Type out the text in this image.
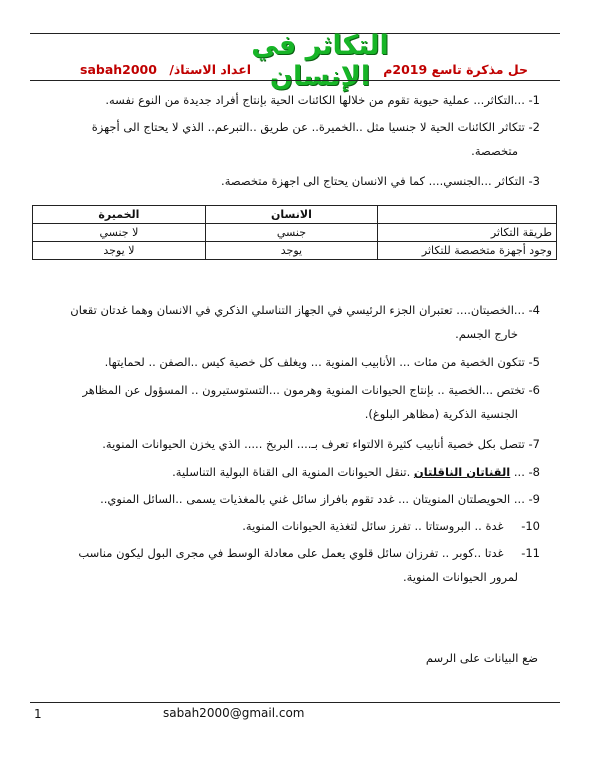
التكاثر في الإنسان	حل مذكرة تاسع 2019م
sabah2000 اعداد الاستاذ/
1- ...التكاثر... عملية حيوية تقوم من خلالها الكائنات الحية بإنتاج أفراد جديدة من النوع نفسه.
2- تتكاثر الكائنات الحية لا جنسيا مثل ..الخميرة.. عن طريق ..التبرعم.. الذي لا يحتاج الى أجهزة
متخصصة.
3- التكاثر ...الجنسي.... كما في الانسان يحتاج الى اجهزة متخصصة.
	الانسان	الخميرة
طريقة التكاثر	جنسي	لا جنسي
وجود أجهزة متخصصة للتكاثر	يوجد	لا يوجد
4- ...الخصيتان.... تعتبران الجزء الرئيسي في الجهاز التناسلي الذكري في الانسان وهما غدتان تقعان
خارج الجسم.
5- تتكون الخصية من مئات ... الأنابيب المنوية ... ويغلف كل خصية كيس ..الصفن .. لحمايتها.
6- تختص ...الخصية .. بإنتاج الحيوانات المنوية وهرمون ...التستوستيرون .. المسؤول عن المظاهر
الجنسية الذكرية (مظاهر البلوغ).
7- تتصل بكل خصية أنابيب كثيرة الالتواء تعرف بـ.... البربخ ..... الذي يخزن الحيوانات المنوية.
8- ... القناتان الناقلتان .تنقل الحيوانات المنوية الى القناة البولية التناسلية.
9- ... الحويصلتان المنويتان ... غدد تقوم بافراز سائل غني بالمغذيات يسمى ..السائل المنوي..
10- غدة .. البروستاتا .. تفرز سائل لتغذية الحيوانات المنوية.
11- غدتا ..كوبر .. تفرزان سائل قلوي يعمل على معادلة الوسط في مجرى البول ليكون مناسب
لمرور الحيوانات المنوية.
ضع البيانات على الرسم
1	sabah2000@gmail.com
